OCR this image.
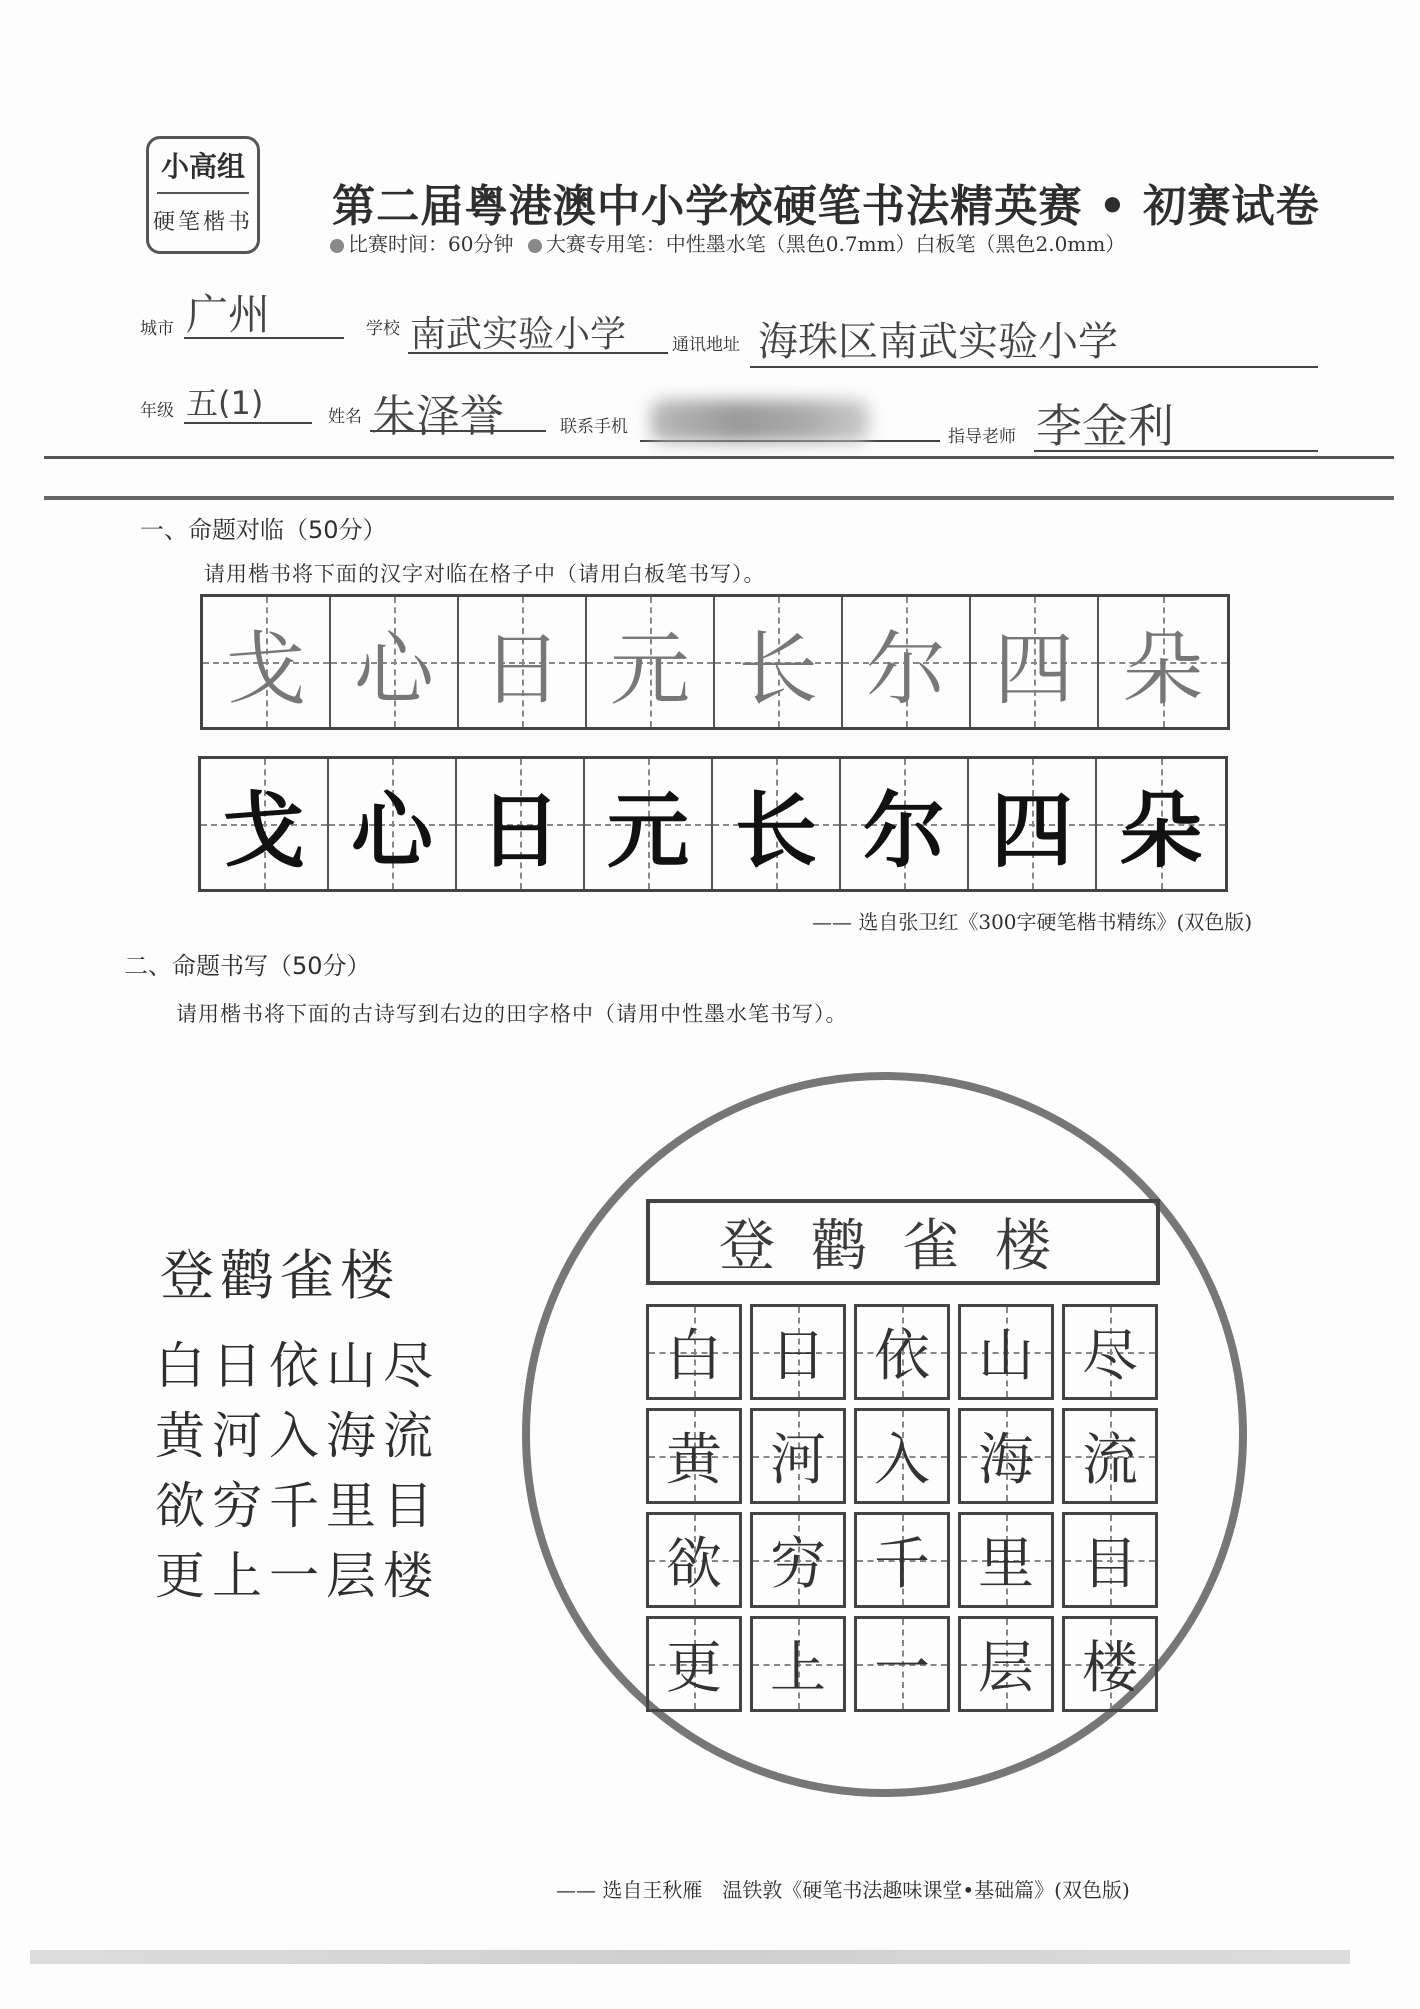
小高组
硬笔楷书 第二届粤港澳中小学校硬笔书法精英赛 • 初赛试卷
比赛时间：60分钟 大赛专用笔：中性墨水笔（黑色0.7mm）白板笔（黑色2.0mm）
城市 广州	学校 南武实验小学	通讯地址 海珠区南武实验小学
年级 五(1)	姓名 朱泽誉	联系手机	指导老师 李金利
一、命题对临（50分）
请用楷书将下面的汉字对临在格子中（请用白板笔书写）。
戈 心 日 元 长 尔 四 朵
戈 心 日 元 长 尔 四 朵
—— 选自张卫红《300字硬笔楷书精练》(双色版)
二、命题书写（50分）
请用楷书将下面的古诗写到右边的田字格中（请用中性墨水笔书写）。
登鹳雀楼
白日依山尽
黄河入海流
欲穷千里目
更上一层楼
登鹳雀楼
白 日 依 山 尽
黄 河 入 海 流
欲 穷 千 里 目
更 上 一 层 楼
—— 选自王秋雁　温铁敦《硬笔书法趣味课堂•基础篇》(双色版)
